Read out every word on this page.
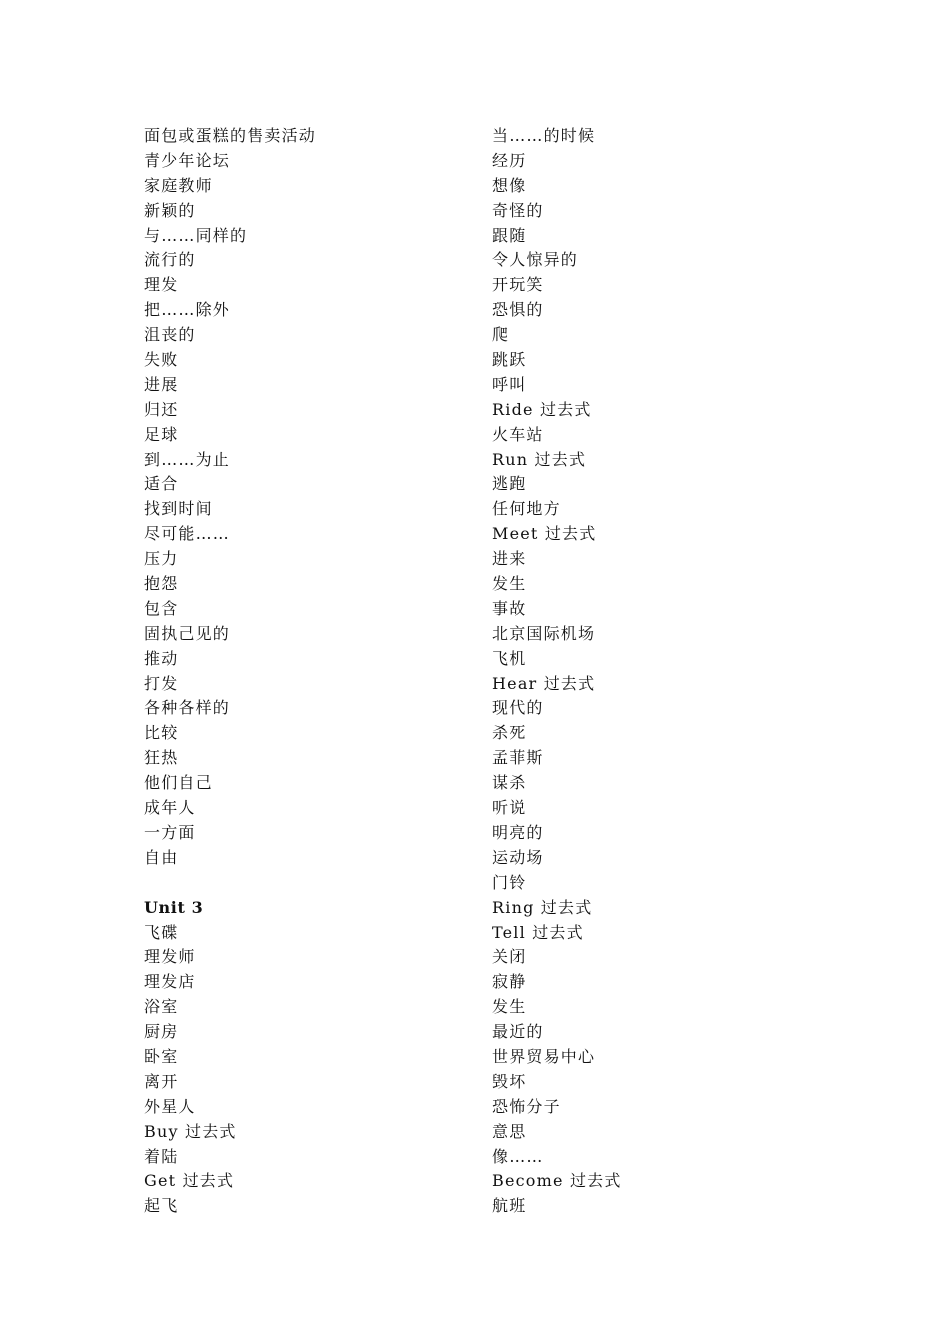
面包或蛋糕的售卖活动
青少年论坛
家庭教师
新颖的
与……同样的
流行的
理发
把……除外
沮丧的
失败
进展
归还
足球
到……为止
适合
找到时间
尽可能……
压力
抱怨
包含
固执己见的
推动
打发
各种各样的
比较
狂热
他们自己
成年人
一方面
自由
Unit 3
飞碟
理发师
理发店
浴室
厨房
卧室
离开
外星人
Buy 过去式
着陆
Get 过去式
起飞
当……的时候
经历
想像
奇怪的
跟随
令人惊异的
开玩笑
恐惧的
爬
跳跃
呼叫
Ride 过去式
火车站
Run 过去式
逃跑
任何地方
Meet 过去式
进来
发生
事故
北京国际机场
飞机
Hear 过去式
现代的
杀死
孟菲斯
谋杀
听说
明亮的
运动场
门铃
Ring 过去式
Tell 过去式
关闭
寂静
发生
最近的
世界贸易中心
毁坏
恐怖分子
意思
像……
Become 过去式
航班
